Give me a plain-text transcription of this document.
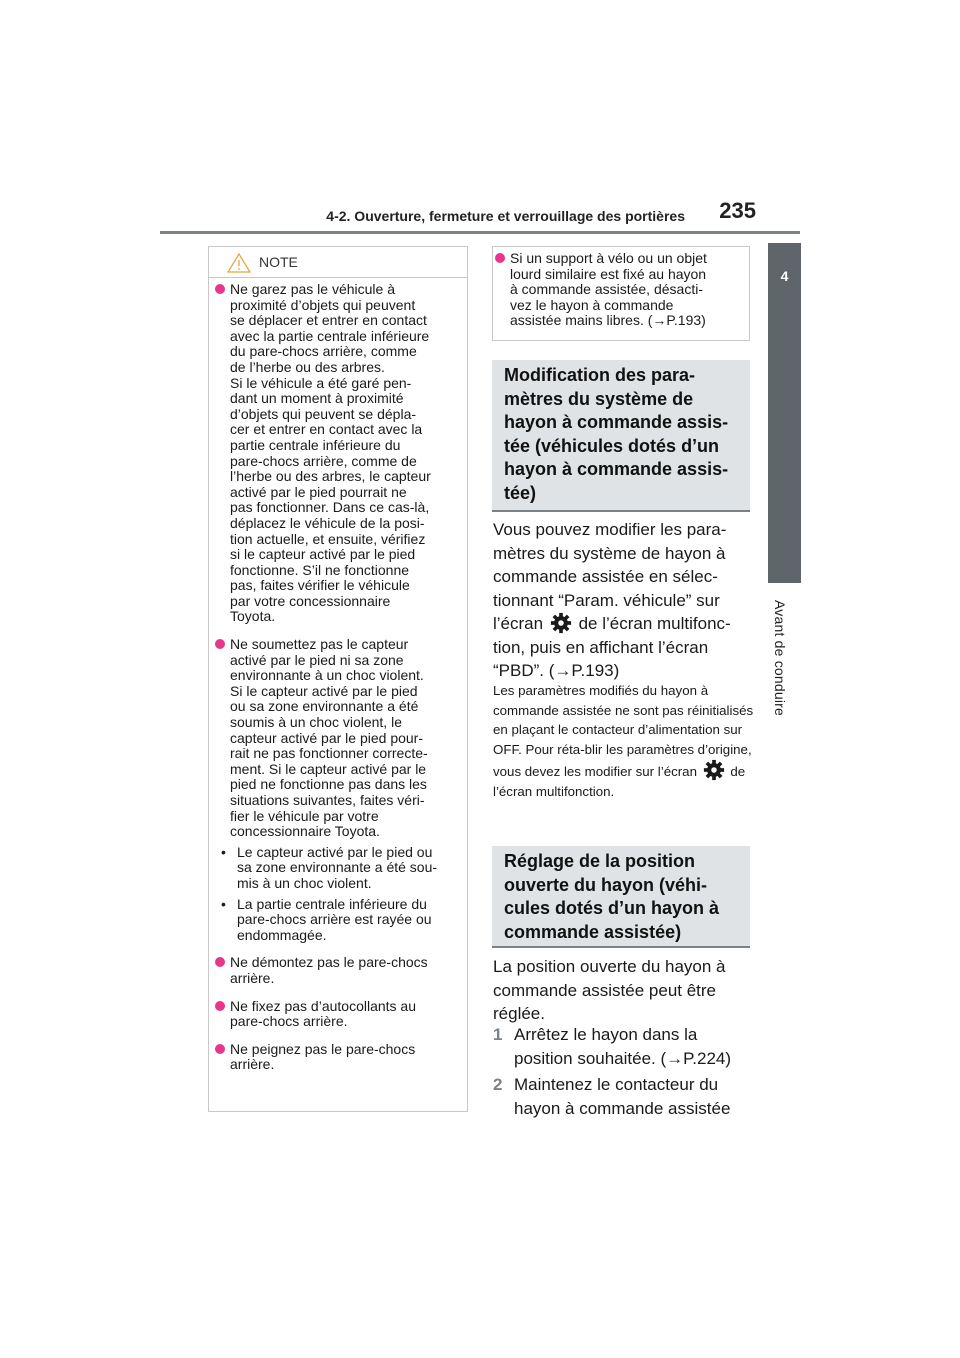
4-2. Ouverture, fermeture et verrouillage des portières 235
4
Avant de conduire
NOTE
Ne garez pas le véhicule à
proximité d’objets qui peuvent
se déplacer et entrer en contact
avec la partie centrale inférieure
du pare-chocs arrière, comme
de l’herbe ou des arbres.
Si le véhicule a été garé pen-
dant un moment à proximité
d’objets qui peuvent se dépla-
cer et entrer en contact avec la
partie centrale inférieure du
pare-chocs arrière, comme de
l’herbe ou des arbres, le capteur
activé par le pied pourrait ne
pas fonctionner. Dans ce cas-là,
déplacez le véhicule de la posi-
tion actuelle, et ensuite, vérifiez
si le capteur activé par le pied
fonctionne. S’il ne fonctionne
pas, faites vérifier le véhicule
par votre concessionnaire
Toyota.
Ne soumettez pas le capteur
activé par le pied ni sa zone
environnante à un choc violent.
Si le capteur activé par le pied
ou sa zone environnante a été
soumis à un choc violent, le
capteur activé par le pied pour-
rait ne pas fonctionner correcte-
ment. Si le capteur activé par le
pied ne fonctionne pas dans les
situations suivantes, faites véri-
fier le véhicule par votre
concessionnaire Toyota.
• Le capteur activé par le pied ou
sa zone environnante a été sou-
mis à un choc violent.
• La partie centrale inférieure du
pare-chocs arrière est rayée ou
endommagée.
Ne démontez pas le pare-chocs
arrière.
Ne fixez pas d’autocollants au
pare-chocs arrière.
Ne peignez pas le pare-chocs
arrière.
Si un support à vélo ou un objet
lourd similaire est fixé au hayon
à commande assistée, désacti-
vez le hayon à commande
assistée mains libres. (→P.193)
Modification des para-
mètres du système de
hayon à commande assis-
tée (véhicules dotés d’un
hayon à commande assis-
tée)
Vous pouvez modifier les para-mètres du système de hayon à commande assistée en sélec-tionnant “Param. véhicule” sur l’écran de l’écran multifonc-tion, puis en affichant l’écran “PBD”. (→P.193)
Les paramètres modifiés du hayon à commande assistée ne sont pas réinitialisés en plaçant le contacteur d’alimentation sur OFF. Pour réta-blir les paramètres d’origine, vous devez les modifier sur l’écran	de l’écran multifonction.
Réglage de la position
ouverte du hayon (véhi-
cules dotés d’un hayon à
commande assistée)
La position ouverte du hayon à commande assistée peut être réglée.
1 Arrêtez le hayon dans la
position souhaitée. (→P.224)
2 Maintenez le contacteur du
hayon à commande assistée
